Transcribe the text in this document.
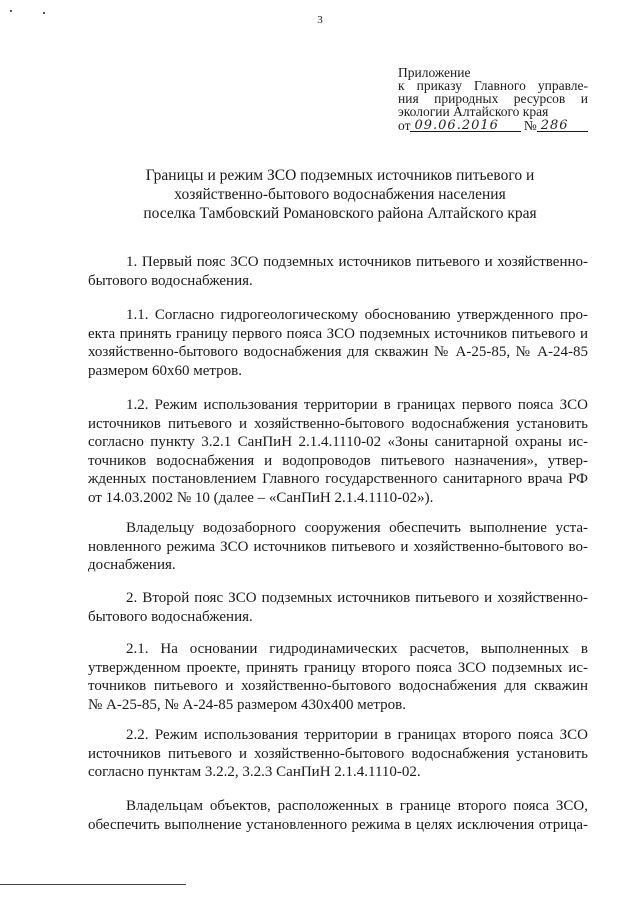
3
Приложение
к приказу Главного управле-
ния природных ресурсов и
экологии Алтайского края
от 09.06.2016 № 286
Границы и режим ЗСО подземных источников питьевого и
хозяйственно-бытового водоснабжения населения
поселка Тамбовский Романовского района Алтайского края
1. Первый пояс ЗСО подземных источников питьевого и хозяйственно-
бытового водоснабжения.
1.1. Согласно гидрогеологическому обоснованию утвержденного про-
екта принять границу первого пояса ЗСО подземных источников питьевого и
хозяйственно-бытового водоснабжения для скважин № А-25-85, № А-24-85
размером 60х60 метров.
1.2. Режим использования территории в границах первого пояса ЗСО
источников питьевого и хозяйственно-бытового водоснабжения установить
согласно пункту 3.2.1 СанПиН 2.1.4.1110-02 «Зоны санитарной охраны ис-
точников водоснабжения и водопроводов питьевого назначения», утвер-
жденных постановлением Главного государственного санитарного врача РФ
от 14.03.2002 № 10 (далее – «СанПиН 2.1.4.1110-02»).
Владельцу водозаборного сооружения обеспечить выполнение уста-
новленного режима ЗСО источников питьевого и хозяйственно-бытового во-
доснабжения.
2. Второй пояс ЗСО подземных источников питьевого и хозяйственно-
бытового водоснабжения.
2.1. На основании гидродинамических расчетов, выполненных в
утвержденном проекте, принять границу второго пояса ЗСО подземных ис-
точников питьевого и хозяйственно-бытового водоснабжения для скважин
№ А-25-85, № А-24-85 размером 430х400 метров.
2.2. Режим использования территории в границах второго пояса ЗСО
источников питьевого и хозяйственно-бытового водоснабжения установить
согласно пунктам 3.2.2, 3.2.3 СанПиН 2.1.4.1110-02.
Владельцам объектов, расположенных в границе второго пояса ЗСО,
обеспечить выполнение установленного режима в целях исключения отрица-
